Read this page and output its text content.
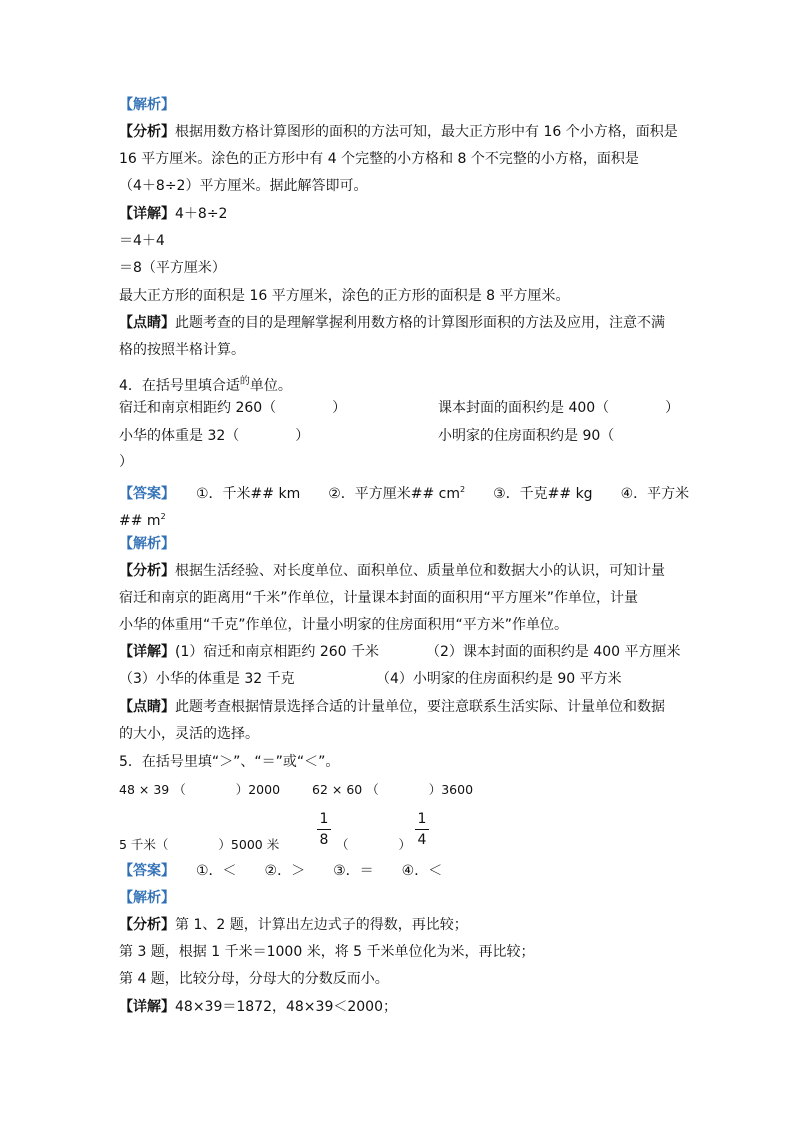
【解析】
【分析】根据用数方格计算图形的面积的方法可知，最大正方形中有 16 个小方格，面积是
16 平方厘米。涂色的正方形中有 4 个完整的小方格和 8 个不完整的小方格，面积是
（4＋8÷2）平方厘米。据此解答即可。
【详解】4＋8÷2
＝4＋4
＝8（平方厘米）
最大正方形的面积是 16 平方厘米，涂色的正方形的面积是 8 平方厘米。
【点睛】此题考查的目的是理解掌握利用数方格的计算图形面积的方法及应用，注意不满
格的按照半格计算。
4．在括号里填合适$^的$单位。
宿迁和南京相距约 260（　　　　）	课本封面的面积约是 400（　　　　）
小华的体重是 32（　　　　）	小明家的住房面积约是 90（
）
【答案】　　 ①．千米## km　　②．平方厘米## $cm^2$　　③．千克## kg　　④．平方米
## $m^2$
【解析】
【分析】根据生活经验、对长度单位、面积单位、质量单位和数据大小的认识，可知计量
宿迁和南京的距离用“千米”作单位，计量课本封面的面积用“平方厘米”作单位，计量
小华的体重用“千克”作单位，计量小明家的住房面积用“平方米”作单位。
【详解】(1）宿迁和南京相距约 260 千米	（2）课本封面的面积约是 400 平方厘米
（3）小华的体重是 32 千克	（4）小明家的住房面积约是 90 平方米
【点睛】此题考查根据情景选择合适的计量单位，要注意联系生活实际、计量单位和数据
的大小，灵活的选择。
5．在括号里填“＞”、“＝”或“＜”。
48 × 39 （　　　　）2000	62 × 60 （　　　　）3600
5 千米（　　　　）5000 米
1
8 （　　　　）
1
4
【答案】　　 ①．＜　　②．＞　　③．＝　　④．＜
【解析】
【分析】第 1、2 题，计算出左边式子的得数，再比较；
第 3 题，根据 1 千米＝1000 米，将 5 千米单位化为米，再比较；
第 4 题，比较分母，分母大的分数反而小。
【详解】48×39＝1872，48×39＜2000；
